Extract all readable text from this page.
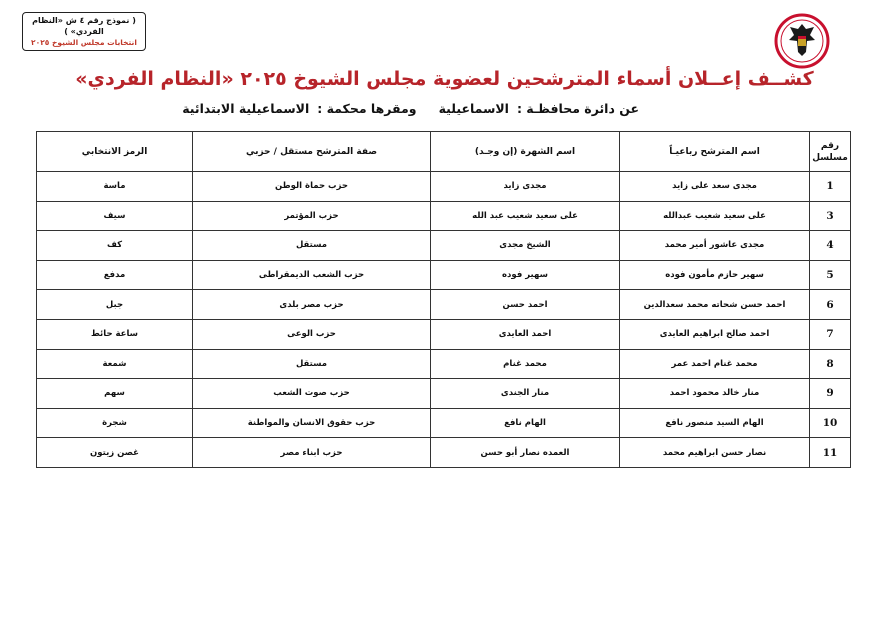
( نموذج رقم ٤ ش «النظام الفردي» )
انتخابات مجلس الشيوخ ٢٠٢٥
كشــف إعــلان أسماء المترشحين لعضوية مجلس الشيوخ ٢٠٢٥ «النظام الفردي»
عن دائرة محافظـة :الاسماعيليةومقرها محكمة :الاسماعيلية الابتدائية
رقم مسلسل	اسم المترشح رباعيـاً	اسم الشهرة (إن وجـد)	صفة المترشح مستقل / حزبي	الرمز الانتخابي
1	مجدى سعد على زايد	مجدى زايد	حزب حماة الوطن	ماسة
3	على سعيد شعيب عبدالله	على سعيد شعيب عبد الله	حزب المؤتمر	سيف
4	مجدى عاشور أمير محمد	الشيخ مجدى	مستقل	كف
5	سهير حازم مأمون فوده	سهير فوده	حزب الشعب الديمقراطى	مدفع
6	احمد حسن شحاته محمد سعدالدين	احمد حسن	حزب مصر بلدى	جبل
7	احمد صالح ابراهيم العايدى	احمد العايدى	حزب الوعى	ساعة حائط
8	محمد غنام احمد عمر	محمد غنام	مستقل	شمعة
9	منار خالد محمود احمد	منار الجندى	حزب صوت الشعب	سهم
10	الهام السيد منصور نافع	الهام نافع	حزب حقوق الانسان والمواطنة	شجرة
11	نصار حسن ابراهيم محمد	العمده نصار أبو حسن	حزب ابناء مصر	غصن زيتون
